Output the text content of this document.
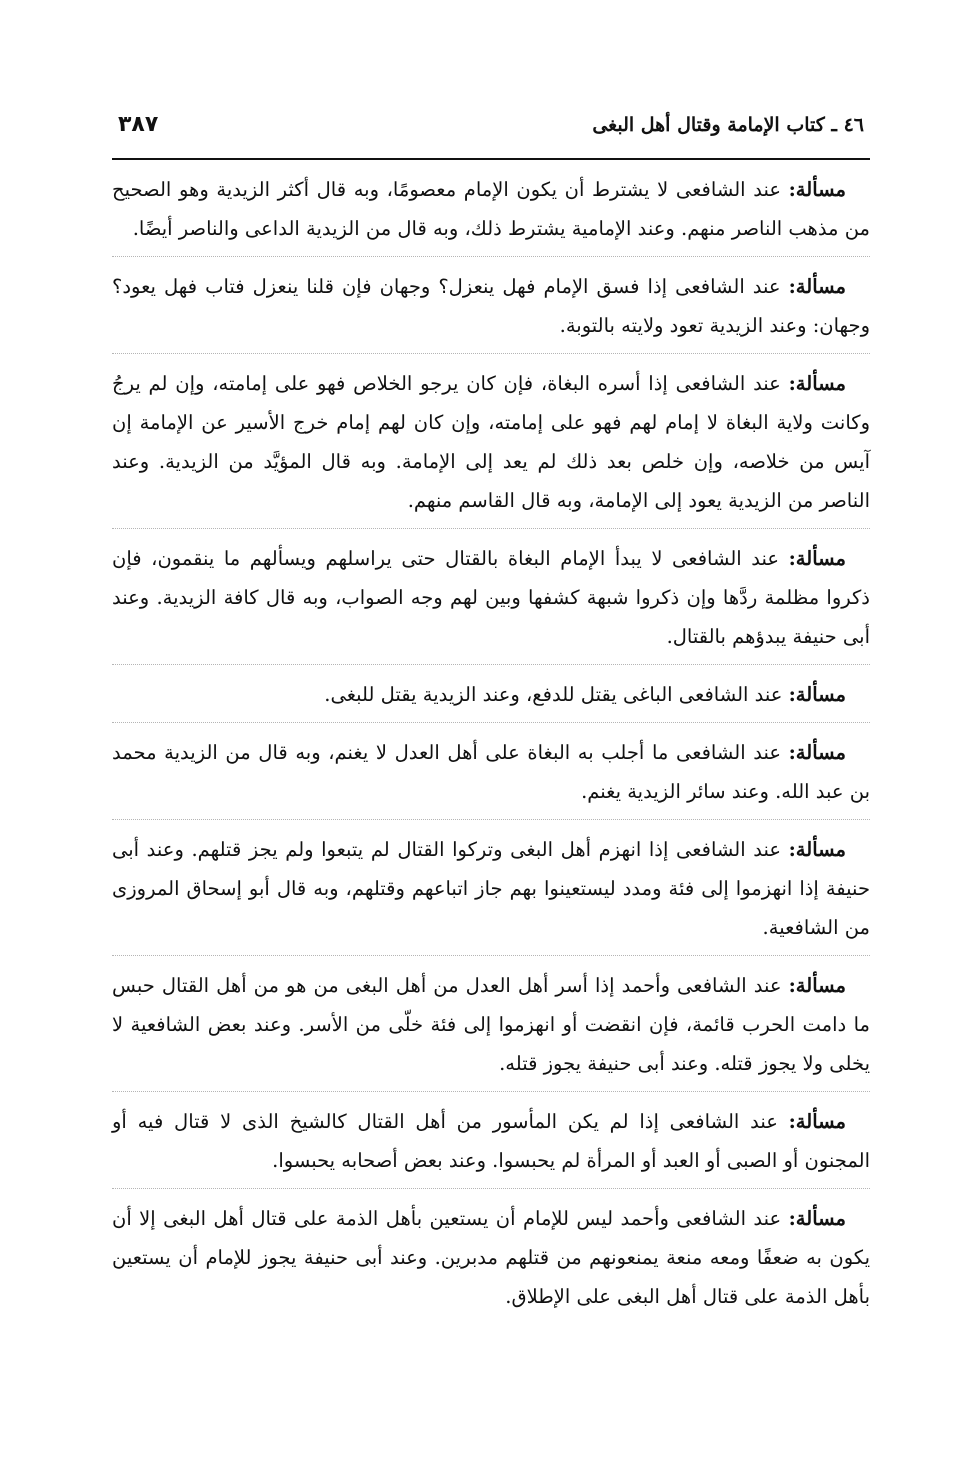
٤٦ ـ كتاب الإمامة وقتال أهل البغى
٣٨٧

مسألة: عند الشافعى لا يشترط أن يكون الإمام معصومًا، وبه قال أكثر الزيدية وهو الصحيح من مذهب الناصر منهم. وعند الإمامية يشترط ذلك، وبه قال من الزيدية الداعى والناصر أيضًا.

مسألة: عند الشافعى إذا فسق الإمام فهل ينعزل؟ وجهان فإن قلنا ينعزل فتاب فهل يعود؟ وجهان: وعند الزيدية تعود ولايته بالتوبة.

مسألة: عند الشافعى إذا أسره البغاة، فإن كان يرجو الخلاص فهو على إمامته، وإن لم يرجُ وكانت ولاية البغاة لا إمام لهم فهو على إمامته، وإن كان لهم إمام خرج الأسير عن الإمامة إن آيس من خلاصه، وإن خلص بعد ذلك لم يعد إلى الإمامة. وبه قال المؤيَّد من الزيدية. وعند الناصر من الزيدية يعود إلى الإمامة، وبه قال القاسم منهم.

مسألة: عند الشافعى لا يبدأ الإمام البغاة بالقتال حتى يراسلهم ويسألهم ما ينقمون، فإن ذكروا مظلمة ردَّها وإن ذكروا شبهة كشفها وبين لهم وجه الصواب، وبه قال كافة الزيدية. وعند أبى حنيفة يبدؤهم بالقتال.

مسألة: عند الشافعى الباغى يقتل للدفع، وعند الزيدية يقتل للبغى.

مسألة: عند الشافعى ما أجلب به البغاة على أهل العدل لا يغنم، وبه قال من الزيدية محمد بن عبد الله. وعند سائر الزيدية يغنم.

مسألة: عند الشافعى إذا انهزم أهل البغى وتركوا القتال لم يتبعوا ولم يجز قتلهم. وعند أبى حنيفة إذا انهزموا إلى فئة ومدد ليستعينوا بهم جاز اتباعهم وقتلهم، وبه قال أبو إسحاق المروزى من الشافعية.

مسألة: عند الشافعى وأحمد إذا أسر أهل العدل من أهل البغى من هو من أهل القتال حبس ما دامت الحرب قائمة، فإن انقضت أو انهزموا إلى فئة خلّى من الأسر. وعند بعض الشافعية لا يخلى ولا يجوز قتله. وعند أبى حنيفة يجوز قتله.

مسألة: عند الشافعى إذا لم يكن المأسور من أهل القتال كالشيخ الذى لا قتال فيه أو المجنون أو الصبى أو العبد أو المرأة لم يحبسوا. وعند بعض أصحابه يحبسوا.

مسألة: عند الشافعى وأحمد ليس للإمام أن يستعين بأهل الذمة على قتال أهل البغى إلا أن يكون به ضعفًا ومعه منعة يمنعونهم من قتلهم مدبرين. وعند أبى حنيفة يجوز للإمام أن يستعين بأهل الذمة على قتال أهل البغى على الإطلاق.
